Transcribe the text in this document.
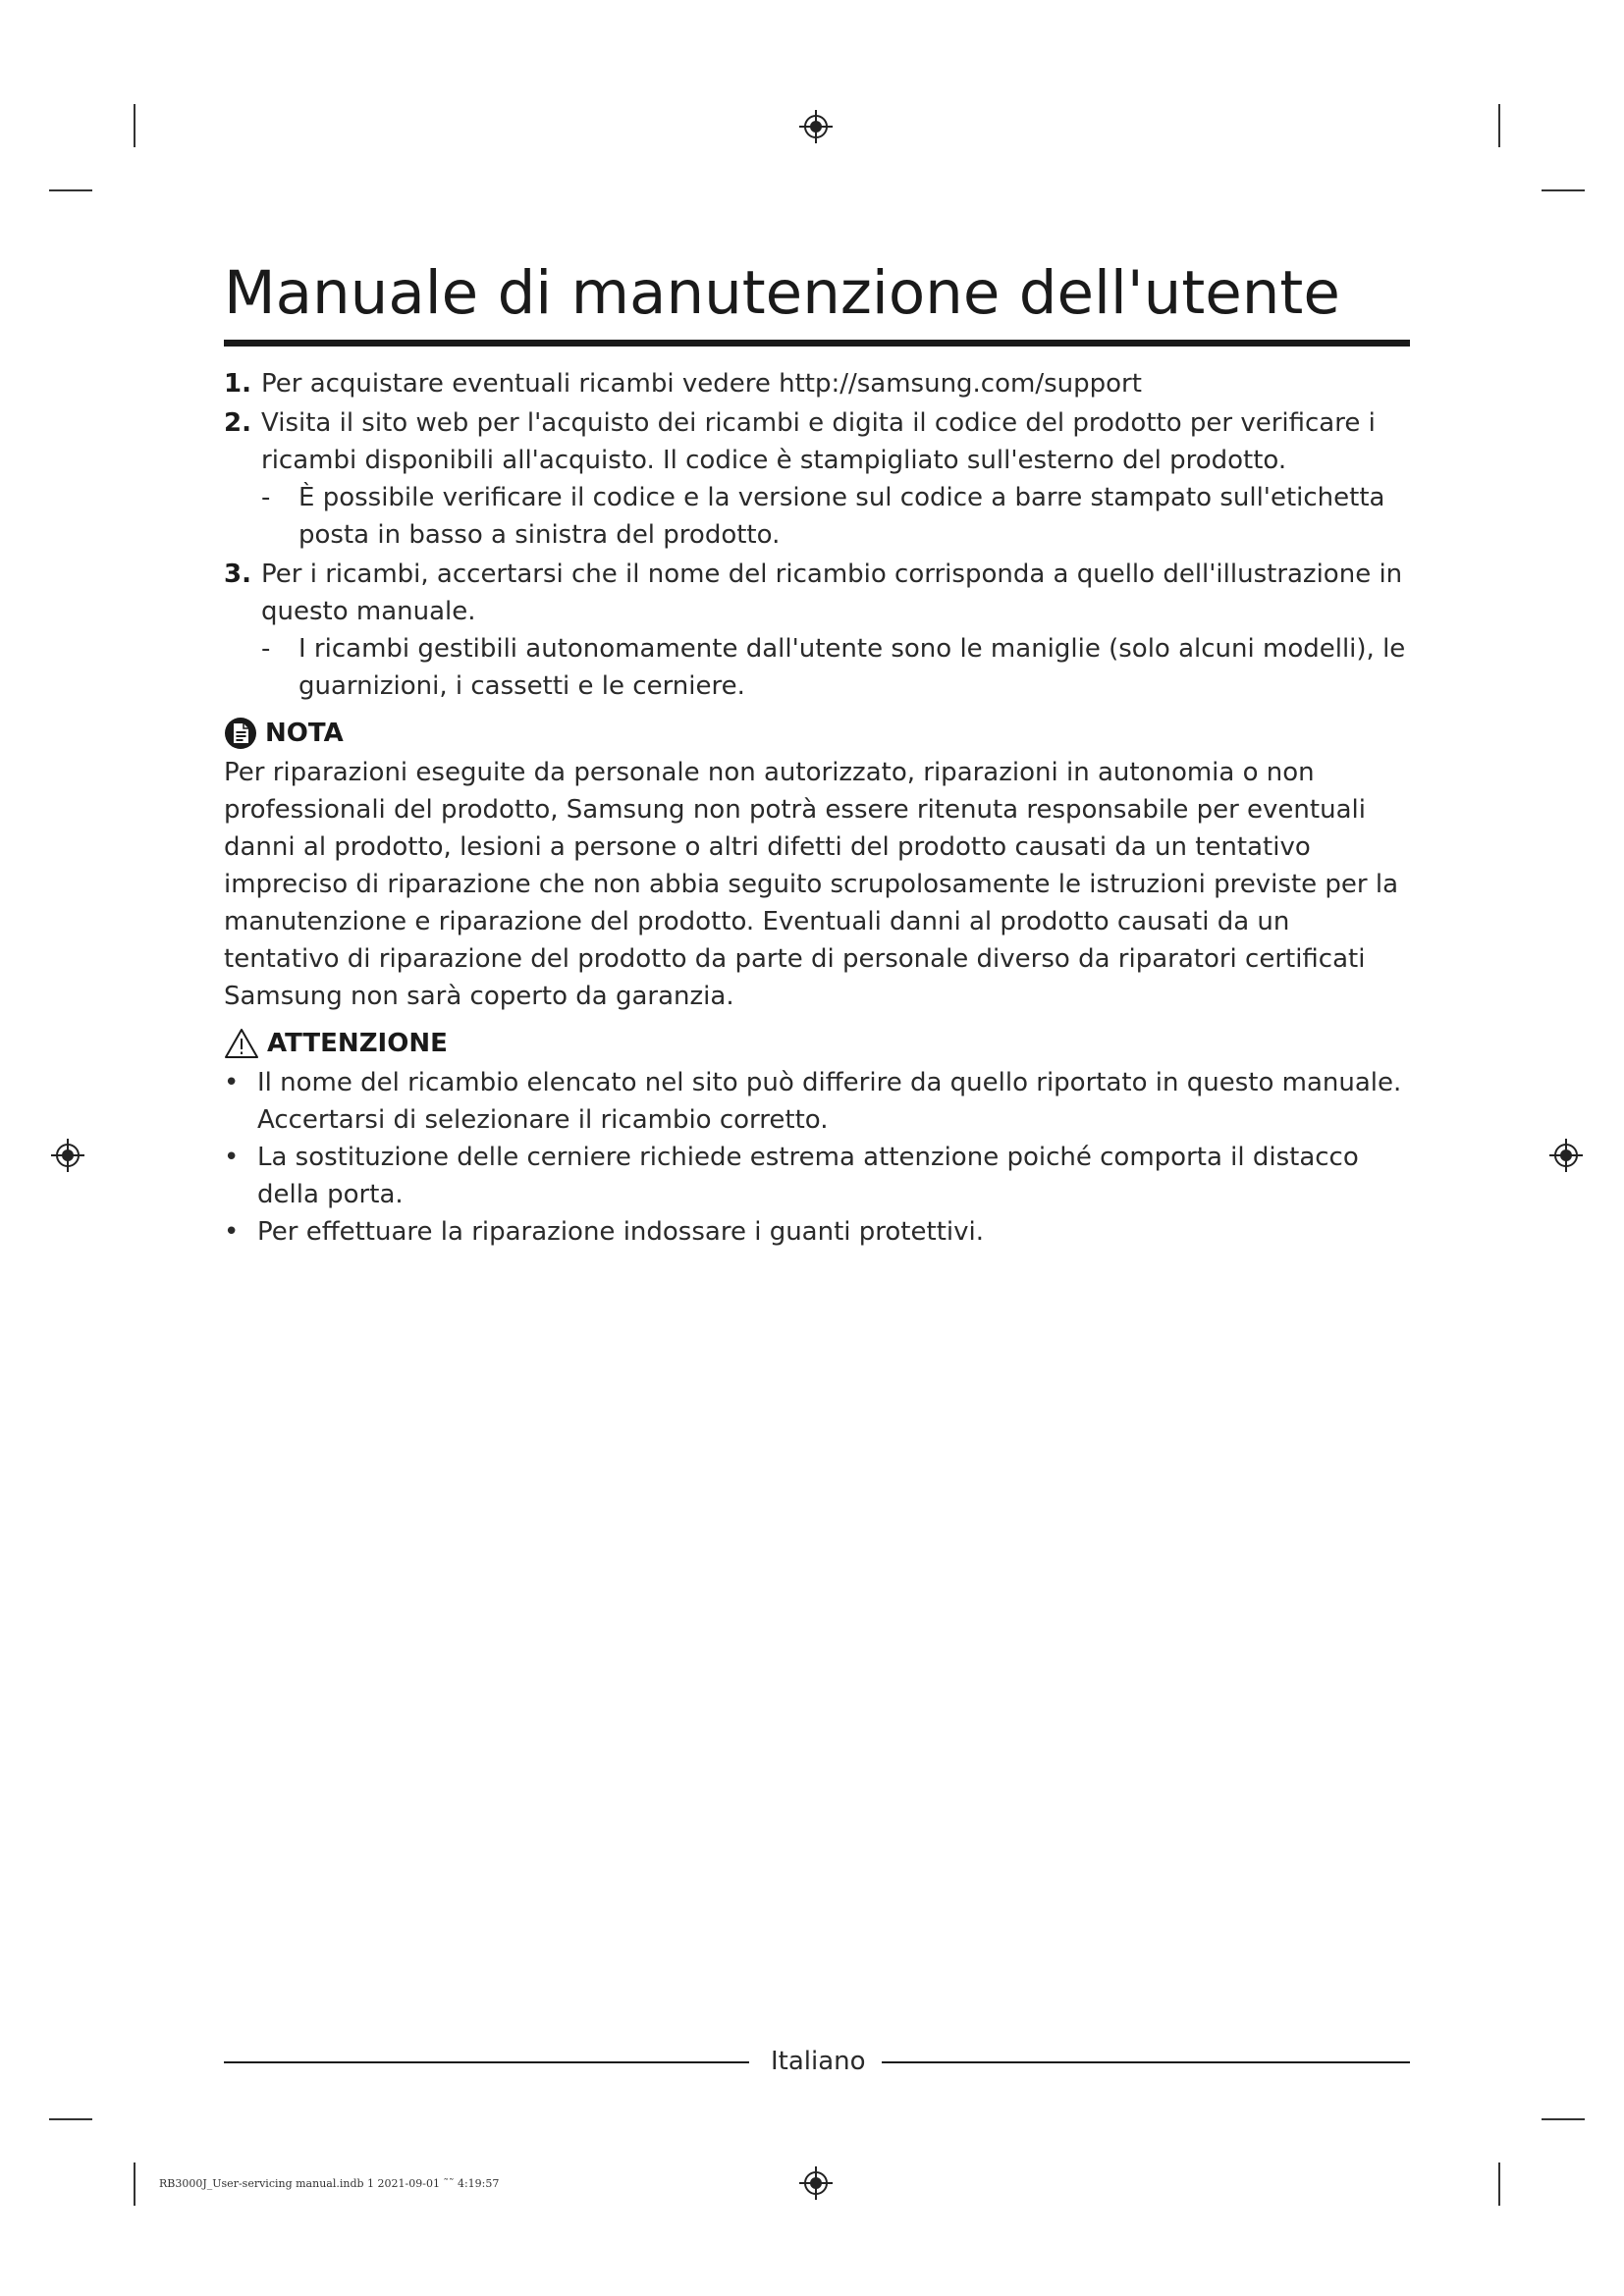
Manuale di manutenzione dell'utente
1. Per acquistare eventuali ricambi vedere http://samsung.com/support
2. Visita il sito web per l'acquisto dei ricambi e digita il codice del prodotto per verificare i ricambi disponibili all'acquisto. Il codice è stampigliato sull'esterno del prodotto.
- È possibile verificare il codice e la versione sul codice a barre stampato sull'etichetta posta in basso a sinistra del prodotto.
3. Per i ricambi, accertarsi che il nome del ricambio corrisponda a quello dell'illustrazione in questo manuale.
- I ricambi gestibili autonomamente dall'utente sono le maniglie (solo alcuni modelli), le guarnizioni, i cassetti e le cerniere.
NOTA

Per riparazioni eseguite da personale non autorizzato, riparazioni in autonomia o non professionali del prodotto, Samsung non potrà essere ritenuta responsabile per eventuali danni al prodotto, lesioni a persone o altri difetti del prodotto causati da un tentativo impreciso di riparazione che non abbia seguito scrupolosamente le istruzioni previste per la manutenzione e riparazione del prodotto. Eventuali danni al prodotto causati da un tentativo di riparazione del prodotto da parte di personale diverso da riparatori certificati Samsung non sarà coperto da garanzia.

ATTENZIONE
• Il nome del ricambio elencato nel sito può differire da quello riportato in questo manuale. Accertarsi di selezionare il ricambio corretto.
• La sostituzione delle cerniere richiede estrema attenzione poiché comporta il distacco della porta.
• Per effettuare la riparazione indossare i guanti protettivi.
Italiano
RB3000J_User-servicing manual.indb 1 2021-09-01 ˜˜ 4:19:57
